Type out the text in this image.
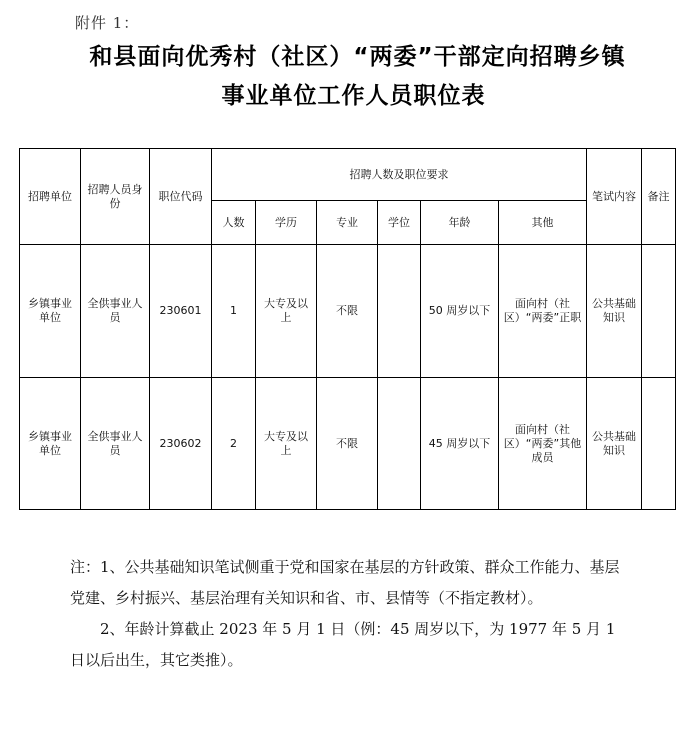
附件 1：
和县面向优秀村（社区）“两委”干部定向招聘乡镇
事业单位工作人员职位表
招聘单位	招聘人员身份	职位代码	招聘人数及职位要求						笔试内容	备注
			人数	学历	专业	学位	年龄	其他		
乡镇事业单位	全供事业人员	230601	1	大专及以上	不限		50 周岁以下	面向村（社区）“两委”正职	公共基础知识	
乡镇事业单位	全供事业人员	230602	2	大专及以上	不限		45 周岁以下	面向村（社区）“两委”其他成员	公共基础知识	

注：1、公共基础知识笔试侧重于党和国家在基层的方针政策、群众工作能力、基层党建、乡村振兴、基层治理有关知识和省、市、县情等（不指定教材）。

2、年龄计算截止 2023 年 5 月 1 日（例：45 周岁以下，为 1977 年 5 月 1 日以后出生，其它类推）。
